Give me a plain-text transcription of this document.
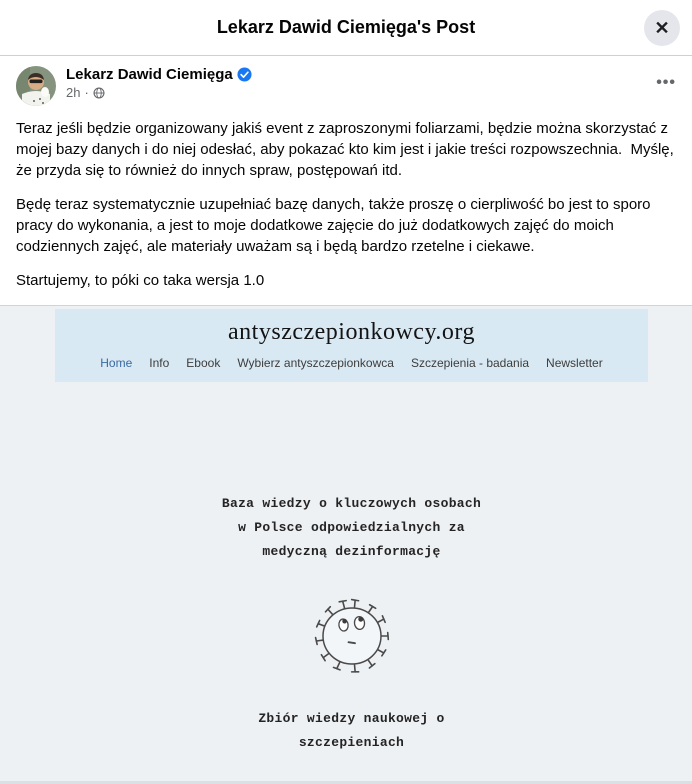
Lekarz Dawid Ciemięga's Post	✕
Lekarz Dawid Ciemięga
2h ·
•••

Teraz jeśli będzie organizowany jakiś event z zaproszonymi foliarzami, będzie można skorzystać z mojej bazy danych i do niej odesłać, aby pokazać kto kim jest i jakie treści rozpowszechnia.  Myślę, że przyda się to również do innych spraw, postępowań itd.

Będę teraz systematycznie uzupełniać bazę danych, także proszę o cierpliwość bo jest to sporo pracy do wykonania, a jest to moje dodatkowe zajęcie do już dodatkowych zajęć do moich codziennych zajęć, ale materiały uważam są i będą bardzo rzetelne i ciekawe.

Startujemy, to póki co taka wersja 1.0

antyszczepionkowcy.org
Home Info Ebook Wybierz antyszczepionkowca Szczepienia - badania Newsletter
Baza wiedzy o kluczowych osobach
w Polsce odpowiedzialnych za
medyczną dezinformację
Zbiór wiedzy naukowej o
szczepieniach
